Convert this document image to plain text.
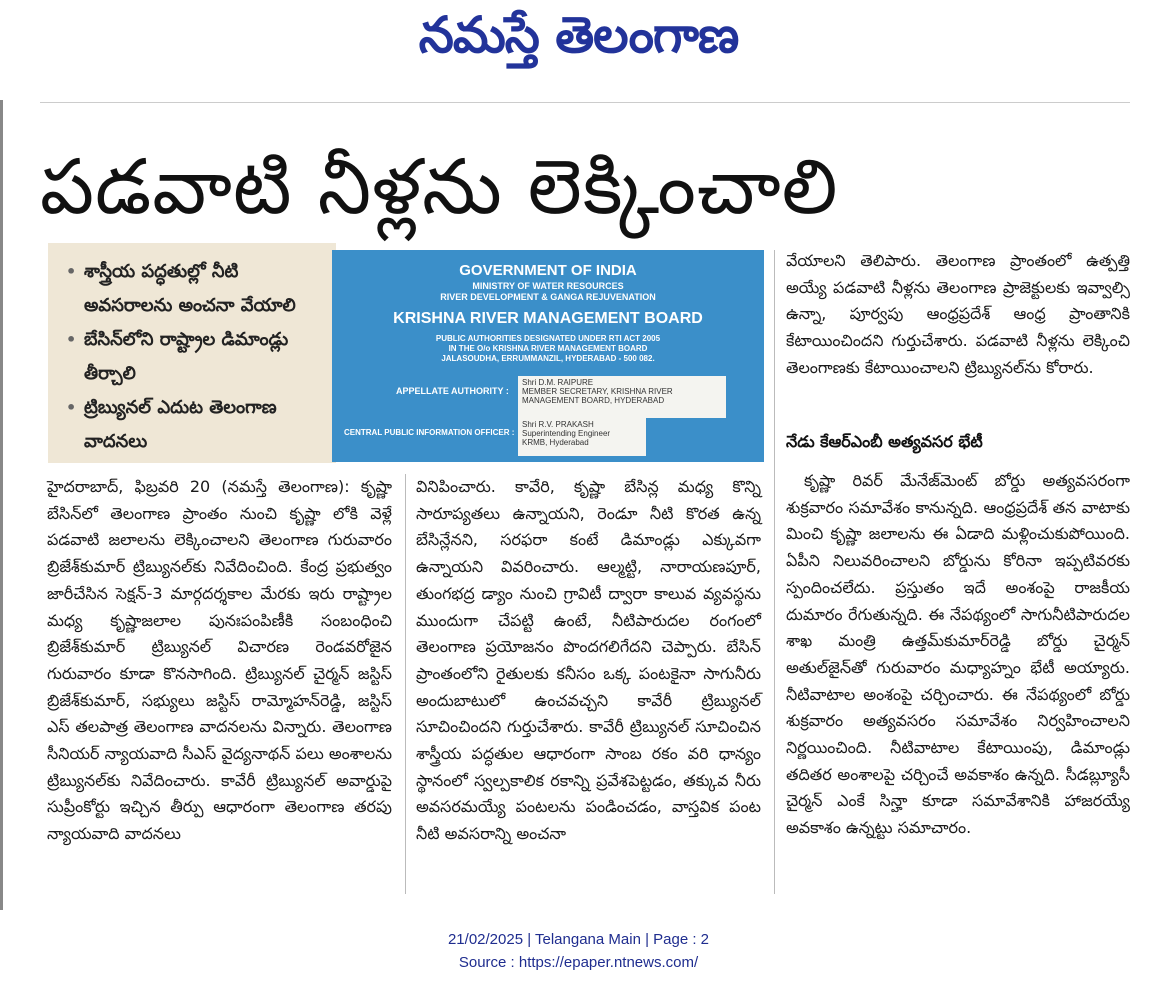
నమస్తే తెలంగాణ
పడవాటి నీళ్లను లెక్కించాలి
• శాస్త్రీయ పద్ధతుల్లో నీటి అవసరాలను అంచనా వేయాలి
• బేసిన్‌లోని రాష్ట్రాల డిమాండ్లు తీర్చాలి
• ట్రిబ్యునల్ ఎదుట తెలంగాణ వాదనలు
GOVERNMENT OF INDIA
MINISTRY OF WATER RESOURCES
RIVER DEVELOPMENT & GANGA REJUVENATION
KRISHNA RIVER MANAGEMENT BOARD
PUBLIC AUTHORITIES DESIGNATED UNDER RTI ACT 2005
IN THE O/o KRISHNA RIVER MANAGEMENT BOARD
JALASOUDHA, ERRUMMANZIL, HYDERABAD - 500 082.
APPELLATE AUTHORITY :
Shri D.M. RAIPURE
MEMBER SECRETARY, KRISHNA RIVER MANAGEMENT BOARD, HYDERABAD
CENTRAL PUBLIC INFORMATION OFFICER :
Shri R.V. PRAKASH
Superintending Engineer
KRMB, Hyderabad

హైదరాబాద్, ఫిబ్రవరి 20 (నమస్తే తెలంగాణ): కృష్ణా బేసిన్‌లో తెలంగాణ ప్రాంతం నుంచి కృష్ణా లోకి వెళ్లే పడవాటి జలాలను లెక్కించాలని తెలంగాణ గురువారం బ్రిజేశ్‌కుమార్ ట్రిబ్యునల్‌కు నివేదించింది. కేంద్ర ప్రభుత్వం జారీచేసిన సెక్షన్-3 మార్గదర్శకాల మేరకు ఇరు రాష్ట్రాల మధ్య కృష్ణాజలాల పునఃపంపిణీకి సంబంధించి బ్రిజేశ్‌కుమార్ ట్రిబ్యునల్ విచారణ రెండవరోజైన గురువారం కూడా కొనసాగింది. ట్రిబ్యునల్ చైర్మన్ జస్టిస్ బ్రిజేశ్‌కుమార్, సభ్యులు జస్టిస్ రామ్మోహన్‌రెడ్డి, జస్టిస్ ఎస్ తలపాత్ర తెలంగాణ వాదనలను విన్నారు. తెలంగాణ సీనియర్ న్యాయవాది సీఎస్ వైద్యనాథన్ పలు అంశాలను ట్రిబ్యునల్‌కు నివేదించారు. కావేరీ ట్రిబ్యునల్ అవార్డుపై సుప్రీంకోర్టు ఇచ్చిన తీర్పు ఆధారంగా తెలంగాణ తరపు న్యాయవాది వాదనలు

వినిపించారు. కావేరి, కృష్ణా బేసిన్ల మధ్య కొన్ని సారూప్యతలు ఉన్నాయని, రెండూ నీటి కొరత ఉన్న బేసిన్లేనని, సరఫరా కంటే డిమాండ్లు ఎక్కువగా ఉన్నాయని వివరించారు. ఆల్మట్టి, నారాయణపూర్, తుంగభద్ర డ్యాం నుంచి గ్రావిటీ ద్వారా కాలువ వ్యవస్థను ముందుగా చేపట్టి ఉంటే, నీటిపారుదల రంగంలో తెలంగాణ ప్రయోజనం పొందగలిగేదని చెప్పారు. బేసిన్ ప్రాంతంలోని రైతులకు కనీసం ఒక్క పంటకైనా సాగునీరు అందుబాటులో ఉంచవచ్చని కావేరీ ట్రిబ్యునల్ సూచించిందని గుర్తుచేశారు. కావేరీ ట్రిబ్యునల్ సూచించిన శాస్త్రీయ పద్ధతుల ఆధారంగా సాంబ రకం వరి ధాన్యం స్థానంలో స్వల్పకాలిక రకాన్ని ప్రవేశపెట్టడం, తక్కువ నీరు అవసరమయ్యే పంటలను పండించడం, వాస్తవిక పంట నీటి అవసరాన్ని అంచనా

వేయాలని తెలిపారు. తెలంగాణ ప్రాంతంలో ఉత్పత్తి అయ్యే పడవాటి నీళ్లను తెలంగాణ ప్రాజెక్టులకు ఇవ్వాల్సి ఉన్నా, పూర్వపు ఆంధ్రప్రదేశ్ ఆంధ్ర ప్రాంతానికి కేటాయించిందని గుర్తుచేశారు. పడవాటి నీళ్లను లెక్కించి తెలంగాణకు కేటాయించాలని ట్రిబ్యునల్‌ను కోరారు.

నేడు కేఆర్ఎంబీ అత్యవసర భేటీ

కృష్ణా రివర్ మేనేజ్‌మెంట్ బోర్డు అత్యవసరంగా శుక్రవారం సమావేశం కానున్నది. ఆంధ్రప్రదేశ్ తన వాటాకు మించి కృష్ణా జలాలను ఈ ఏడాది మళ్లించుకుపోయింది. ఏపీని నిలువరించాలని బోర్డును కోరినా ఇప్పటివరకు స్పందించలేదు. ప్రస్తుతం ఇదే అంశంపై రాజకీయ దుమారం రేగుతున్నది. ఈ నేపథ్యంలో సాగునీటిపారుదల శాఖ మంత్రి ఉత్తమ్‌కుమార్‌రెడ్డి బోర్డు చైర్మన్ అతుల్‌జైన్‌తో గురువారం మధ్యాహ్నం భేటీ అయ్యారు. నీటివాటాల అంశంపై చర్చించారు. ఈ నేపథ్యంలో బోర్డు శుక్రవారం అత్యవసరం సమావేశం నిర్వహించాలని నిర్ణయించింది. నీటివాటాల కేటాయింపు, డిమాండ్లు తదితర అంశాలపై చర్చించే అవకాశం ఉన్నది. సీడబ్ల్యూసీ చైర్మన్ ఎంకే సిన్హా కూడా సమావేశానికి హాజరయ్యే అవకాశం ఉన్నట్టు సమాచారం.

21/02/2025 | Telangana Main | Page : 2
Source : https://epaper.ntnews.com/
